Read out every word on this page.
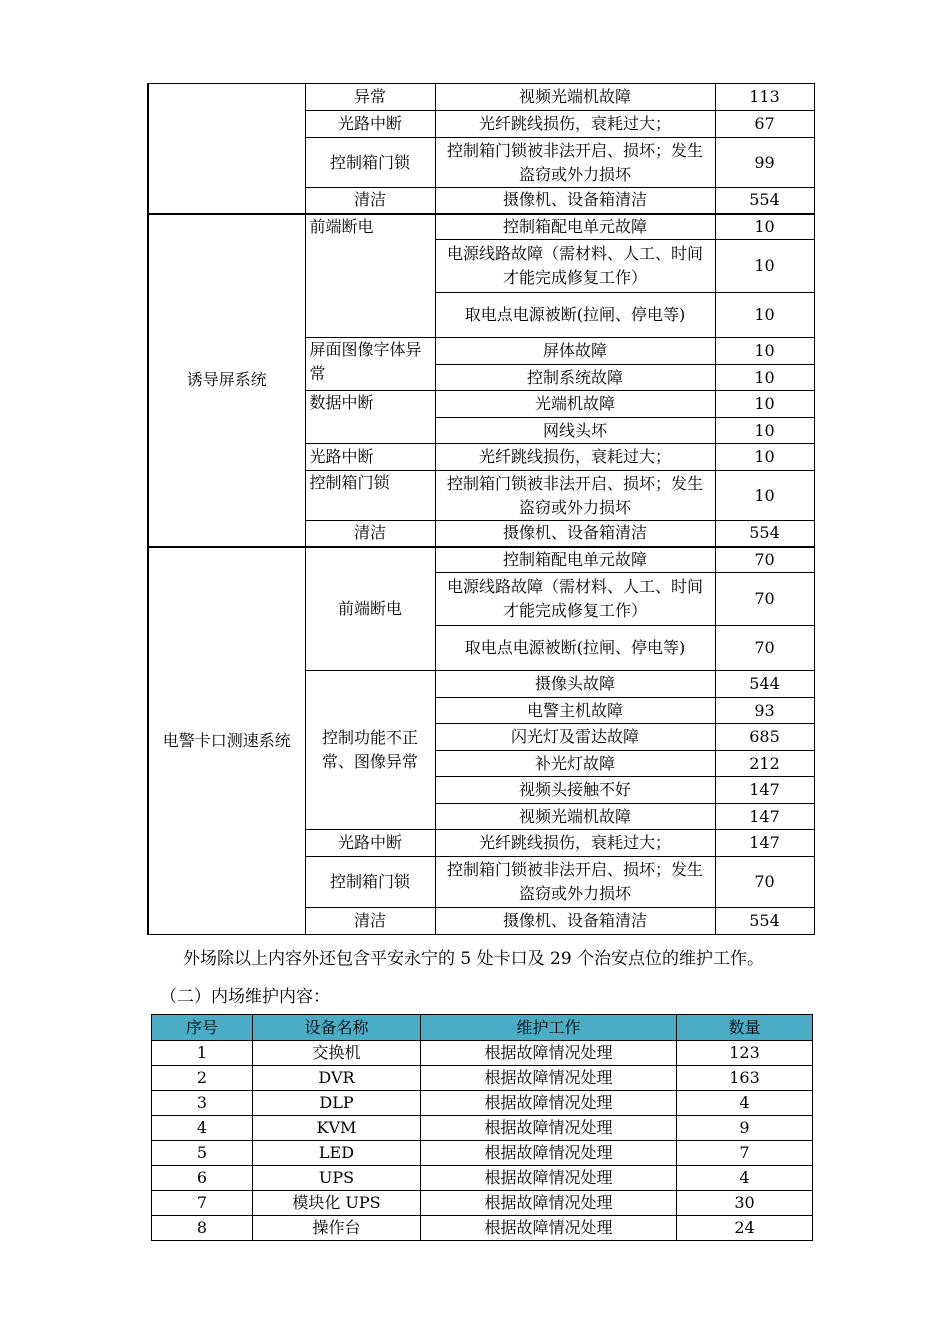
	异常	视频光端机故障	113
	光路中断	光纤跳线损伤，衰耗过大；	67
	控制箱门锁	控制箱门锁被非法开启、损坏；发生盗窃或外力损坏	99
	清洁	摄像机、设备箱清洁	554
诱导屏系统	前端断电	控制箱配电单元故障	10
		电源线路故障（需材料、人工、时间才能完成修复工作）	10
		取电点电源被断(拉闸、停电等)	10
	屏面图像字体异常	屏体故障	10
		控制系统故障	10
	数据中断	光端机故障	10
		网线头坏	10
	光路中断	光纤跳线损伤，衰耗过大；	10
	控制箱门锁	控制箱门锁被非法开启、损坏；发生盗窃或外力损坏	10
	清洁	摄像机、设备箱清洁	554
电警卡口测速系统	前端断电	控制箱配电单元故障	70
		电源线路故障（需材料、人工、时间才能完成修复工作）	70
		取电点电源被断(拉闸、停电等)	70
	控制功能不正常、图像异常	摄像头故障	544
		电警主机故障	93
		闪光灯及雷达故障	685
		补光灯故障	212
		视频头接触不好	147
		视频光端机故障	147
	光路中断	光纤跳线损伤，衰耗过大；	147
	控制箱门锁	控制箱门锁被非法开启、损坏；发生盗窃或外力损坏	70
	清洁	摄像机、设备箱清洁	554
外场除以上内容外还包含平安永宁的 5 处卡口及 29 个治安点位的维护工作。
（二）内场维护内容：
序号	设备名称	维护工作	数量
1	交换机	根据故障情况处理	123
2	DVR	根据故障情况处理	163
3	DLP	根据故障情况处理	4
4	KVM	根据故障情况处理	9
5	LED	根据故障情况处理	7
6	UPS	根据故障情况处理	4
7	模块化 UPS	根据故障情况处理	30
8	操作台	根据故障情况处理	24
